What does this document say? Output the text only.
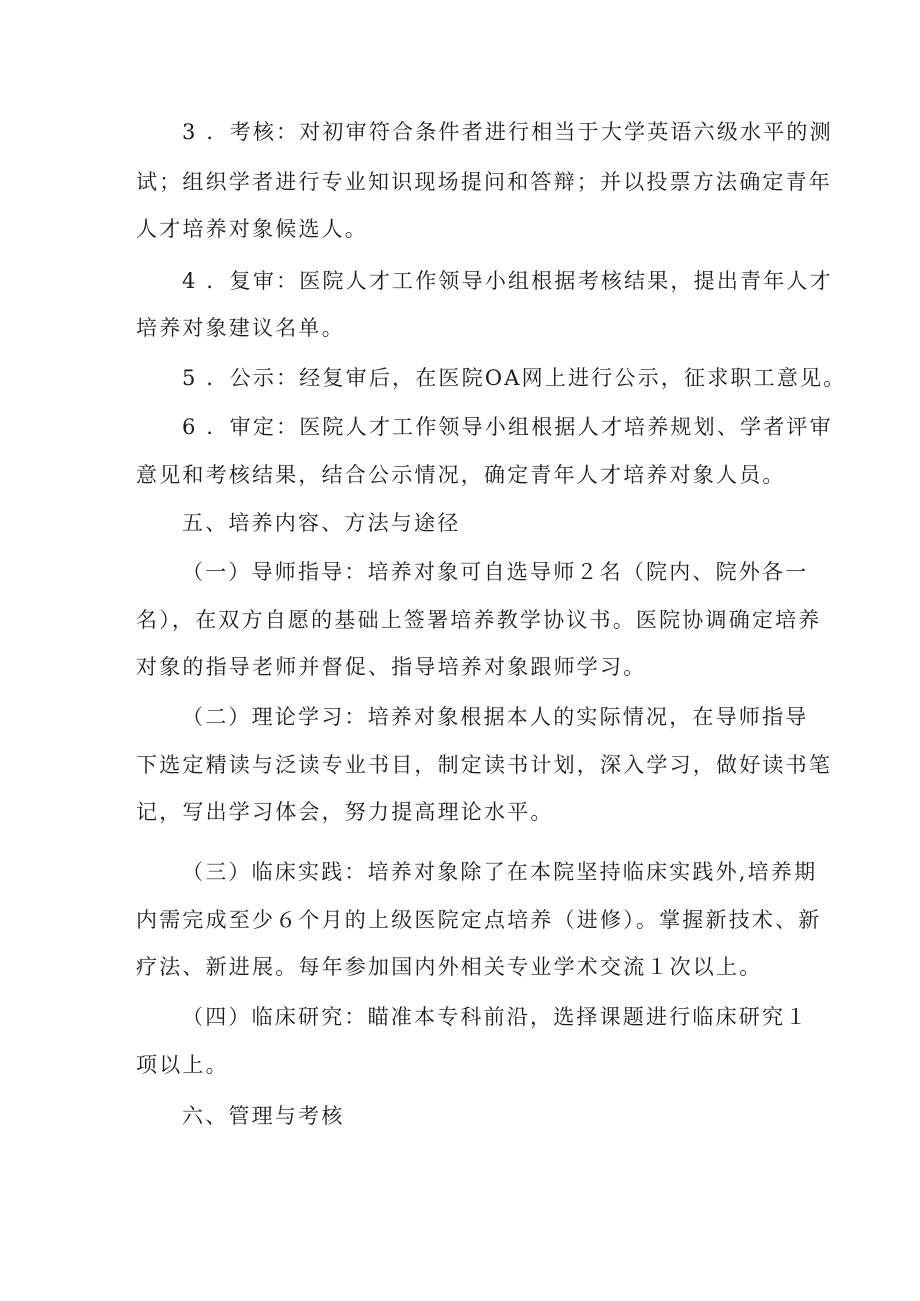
3 ．考核：对初审符合条件者进行相当于大学英语六级水平的测
试；组织学者进行专业知识现场提问和答辩；并以投票方法确定青年
人才培养对象候选人。
4 ．复审：医院人才工作领导小组根据考核结果，提出青年人才
培养对象建议名单。
5 ．公示：经复审后，在医院OA网上进行公示，征求职工意见。
6 ．审定：医院人才工作领导小组根据人才培养规划、学者评审
意见和考核结果，结合公示情况，确定青年人才培养对象人员。
五、培养内容、方法与途径
（一）导师指导：培养对象可自选导师２名（院内、院外各一
名），在双方自愿的基础上签署培养教学协议书。医院协调确定培养
对象的指导老师并督促、指导培养对象跟师学习。
（二）理论学习：培养对象根据本人的实际情况，在导师指导
下选定精读与泛读专业书目，制定读书计划，深入学习，做好读书笔
记，写出学习体会，努力提高理论水平。
（三）临床实践：培养对象除了在本院坚持临床实践外,培养期
内需完成至少６个月的上级医院定点培养（进修）。掌握新技术、新
疗法、新进展。每年参加国内外相关专业学术交流１次以上。
（四）临床研究：瞄准本专科前沿，选择课题进行临床研究１
项以上。
六、管理与考核
